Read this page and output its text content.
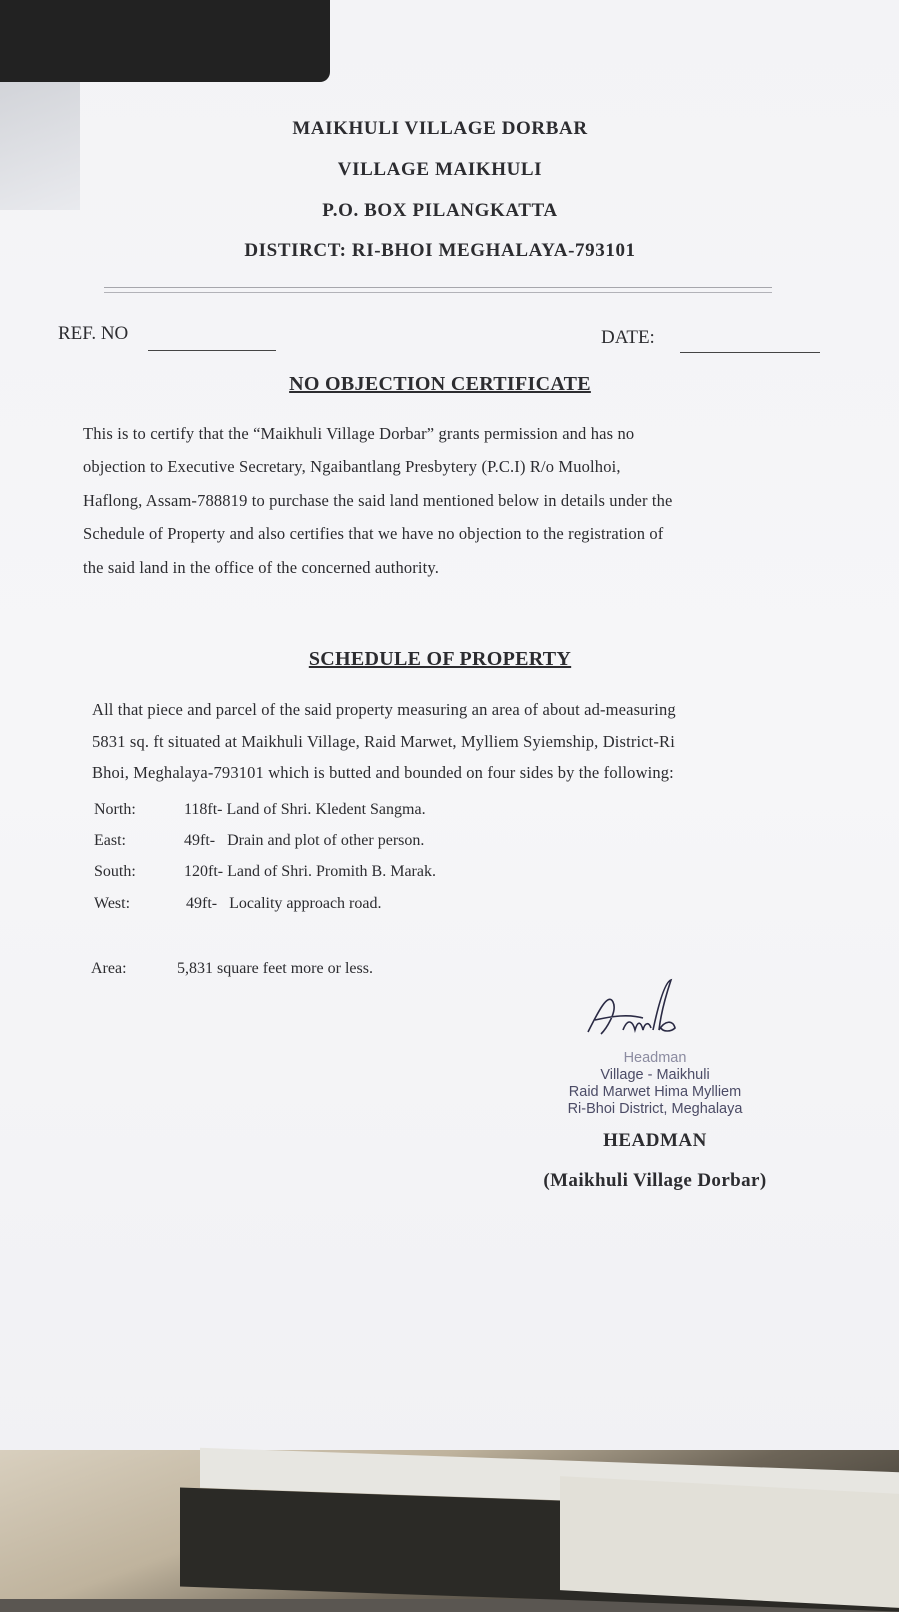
MAIKHULI VILLAGE DORBAR
VILLAGE MAIKHULI
P.O. BOX PILANGKATTA
DISTIRCT: RI-BHOI MEGHALAYA-793101
REF. NO	DATE:
NO OBJECTION CERTIFICATE
This is to certify that the “Maikhuli Village Dorbar” grants permission and has no
objection to Executive Secretary, Ngaibantlang Presbytery (P.C.I) R/o Muolhoi,
Haflong, Assam-788819 to purchase the said land mentioned below in details under the
Schedule of Property and also certifies that we have no objection to the registration of
the said land in the office of the concerned authority.
SCHEDULE OF PROPERTY
All that piece and parcel of the said property measuring an area of about ad-measuring
5831 sq. ft situated at Maikhuli Village, Raid Marwet, Mylliem Syiemship, District-Ri
Bhoi, Meghalaya-793101 which is butted and bounded on four sides by the following:
North:	118ft- Land of Shri. Kledent Sangma.
East:	49ft-   Drain and plot of other person.
South:	120ft- Land of Shri. Promith B. Marak.
West:	49ft-   Locality approach road.
Area:	5,831 square feet more or less.
Headman
Village - Maikhuli
Raid Marwet Hima Mylliem
Ri-Bhoi District, Meghalaya
HEADMAN
(Maikhuli Village Dorbar)
